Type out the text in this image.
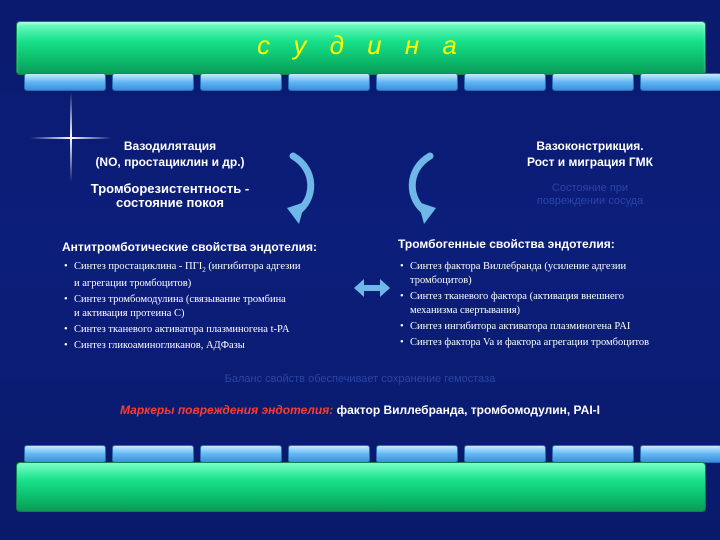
с у д и н а
Вазодилятация
(NO, простациклин и др.)
Тромборезистентность -
состояние покоя
Вазоконстрикция.
Рост и миграция ГМК
Состояние при
повреждении сосуда
Антитромботические свойства эндотелия:
• Синтез простациклина - $ПГI_2$ (ингибитора адгезии
и агрегации тромбоцитов)
• Синтез тромбомодулина (связывание тромбина
и активация протеина С)
• Синтез тканевого активатора плазминогена t-PA
• Синтез гликоаминогликанов, АДФазы
Тромбогенные свойства эндотелия:
• Синтез фактора Виллебранда (усиление адгезии
тромбоцитов)
• Синтез тканевого фактора (активация внешнего
механизма свертывания)
• Синтез ингибитора активатора плазминогена PAI
• Синтез фактора Va и фактора агрегации тромбоцитов
Баланс свойств обеспечивает сохранение гемостаза
Маркеры повреждения эндотелия: фактор Виллебранда, тромбомодулин, PAI-I
